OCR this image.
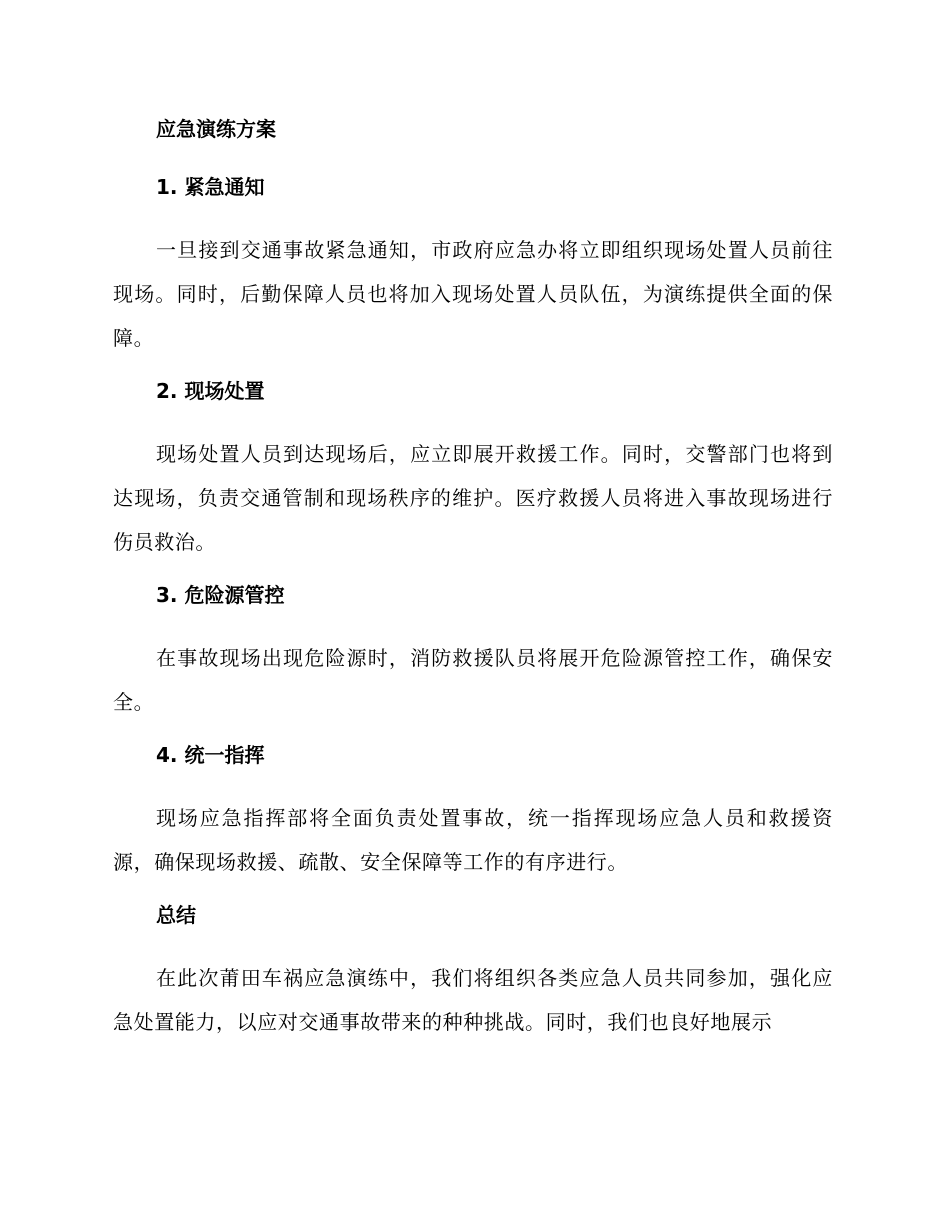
应急演练方案
1. 紧急通知

一旦接到交通事故紧急通知，市政府应急办将立即组织现场处置人员前往现场。同时，后勤保障人员也将加入现场处置人员队伍，为演练提供全面的保障。

2. 现场处置

现场处置人员到达现场后，应立即展开救援工作。同时，交警部门也将到达现场，负责交通管制和现场秩序的维护。医疗救援人员将进入事故现场进行伤员救治。

3. 危险源管控

在事故现场出现危险源时，消防救援队员将展开危险源管控工作，确保安全。

4. 统一指挥

现场应急指挥部将全面负责处置事故，统一指挥现场应急人员和救援资源，确保现场救援、疏散、安全保障等工作的有序进行。

总结

在此次莆田车祸应急演练中，我们将组织各类应急人员共同参加，强化应急处置能力，以应对交通事故带来的种种挑战。同时，我们也良好地展示
